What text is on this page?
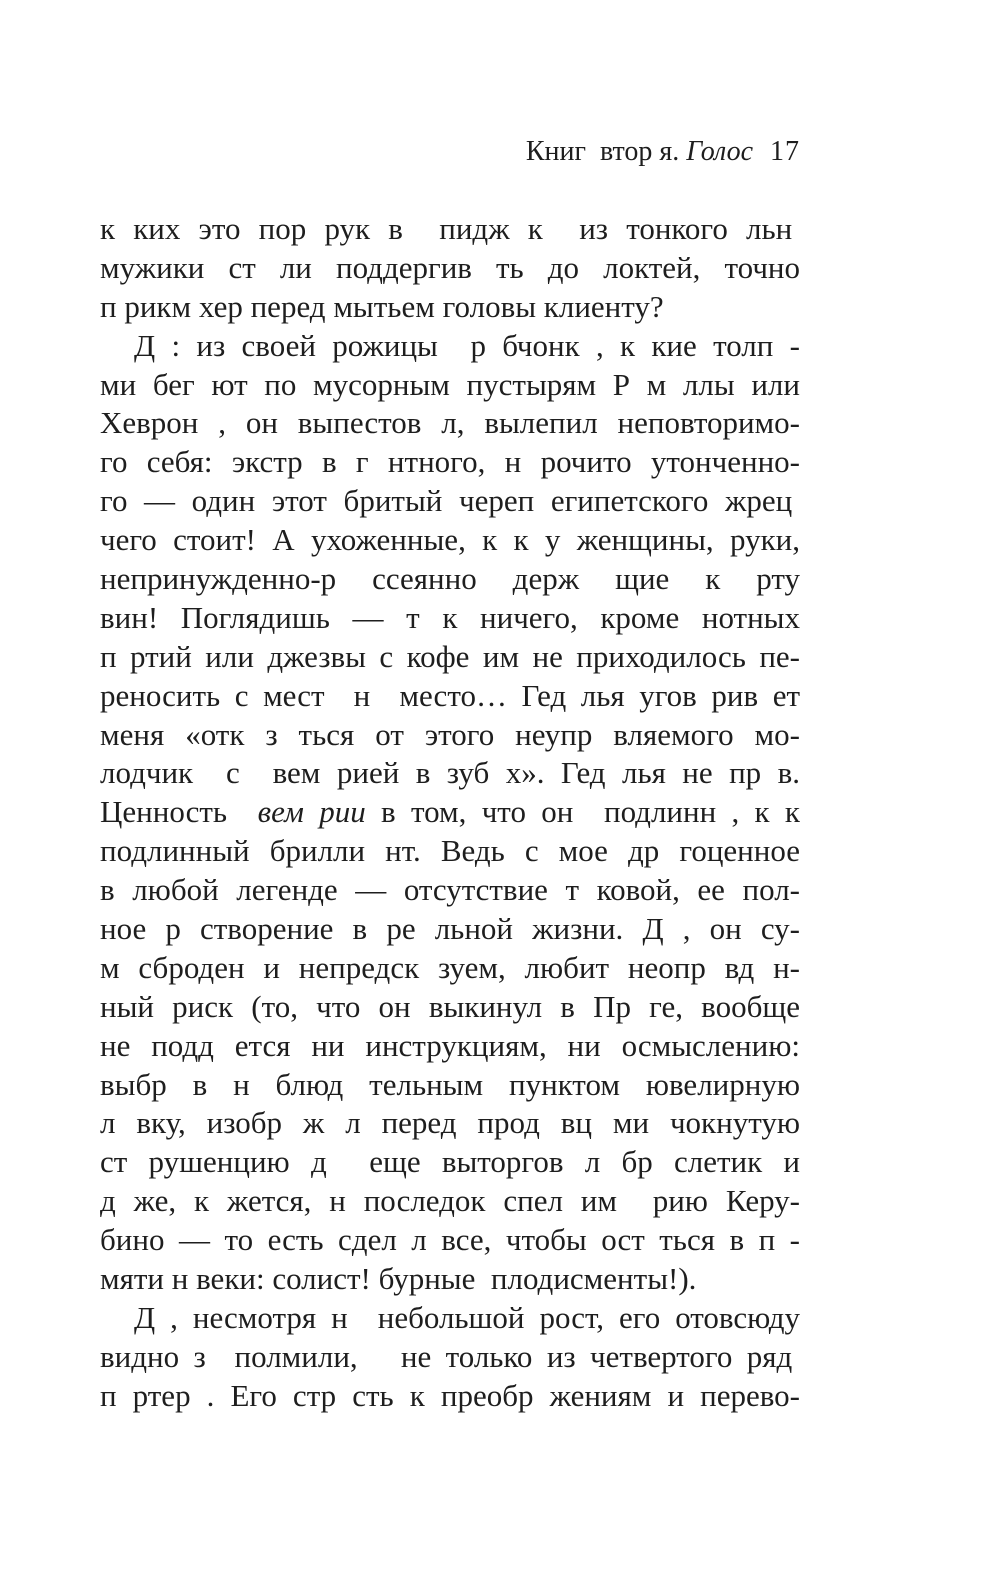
Книг  втор я. Голос 17
к ких это пор рук в  пидж к  из тонкого льн
мужики ст ли поддергив ть до локтей, точно
п рикм хер перед мытьем головы клиенту?
Д : из своей рожицы  р бчонк , к кие толп -
ми бег ют по мусорным пустырям Р м ллы или
Хеврон , он выпестов л, вылепил неповторимо-
го себя: экстр в г нтного, н рочито утонченно-
го — один этот бритый череп египетского жрец
чего стоит! А ухоженные, к к у женщины, руки,
непринужденно-р ссеянно держ щие к рту
вин! Поглядишь — т к ничего, кроме нотных
п ртий или джезвы с кофе им не приходилось пе-
реносить с мест  н  место… Гед лья угов рив ет
меня «отк з ться от этого неупр вляемого мо-
лодчик  с  вем рией в зуб х». Гед лья не пр в.
Ценность  вем рии в том, что он  подлинн , к к
подлинный брилли нт. Ведь с мое др гоценное
в любой легенде — отсутствие т ковой, ее пол-
ное р створение в ре льной жизни. Д , он су-
м сброден и непредск зуем, любит неопр вд н-
ный риск (то, что он выкинул в Пр ге, вообще
не подд ется ни инструкциям, ни осмыслению:
выбр в н блюд тельным пунктом ювелирную
л вку, изобр ж л перед прод вц ми чокнутую
ст рушенцию д  еще выторгов л бр слетик и
д же, к жется, н последок спел им  рию Керу-
бино — то есть сдел л все, чтобы ост ться в п -
мяти н веки: солист! бурные  плодисменты!).
Д , несмотря н  небольшой рост, его отовсюду
видно з  полмили,   не только из четвертого ряд
п ртер . Его стр сть к преобр жениям и перево-
